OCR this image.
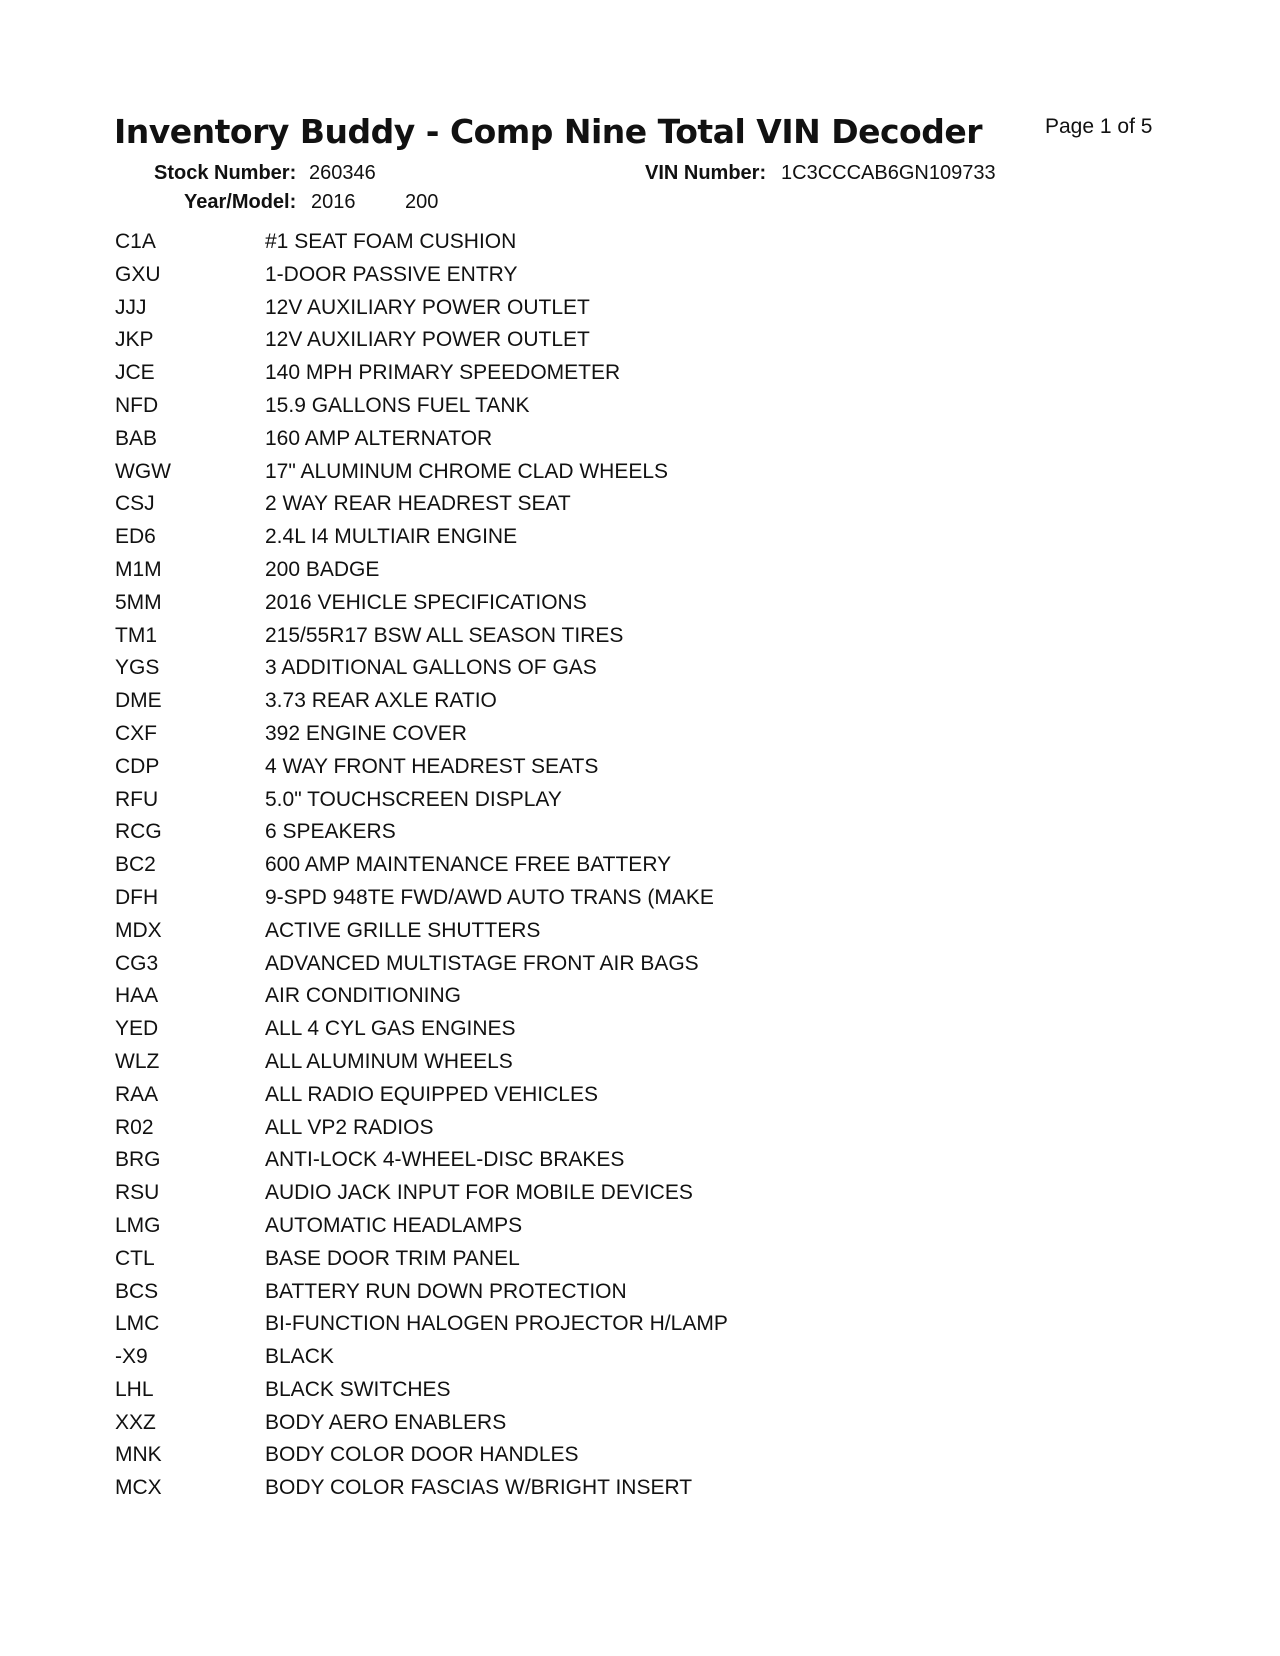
Inventory Buddy - Comp Nine Total VIN Decoder	Page 1 of 5
Stock Number: 260346	VIN Number: 1C3CCCAB6GN109733
Year/Model: 2016 200
C1A	#1 SEAT FOAM CUSHION
GXU	1-DOOR PASSIVE ENTRY
JJJ	12V AUXILIARY POWER OUTLET
JKP	12V AUXILIARY POWER OUTLET
JCE	140 MPH PRIMARY SPEEDOMETER
NFD	15.9 GALLONS FUEL TANK
BAB	160 AMP ALTERNATOR
WGW	17" ALUMINUM CHROME CLAD WHEELS
CSJ	2 WAY REAR HEADREST SEAT
ED6	2.4L I4 MULTIAIR ENGINE
M1M	200 BADGE
5MM	2016 VEHICLE SPECIFICATIONS
TM1	215/55R17 BSW ALL SEASON TIRES
YGS	3 ADDITIONAL GALLONS OF GAS
DME	3.73 REAR AXLE RATIO
CXF	392 ENGINE COVER
CDP	4 WAY FRONT HEADREST SEATS
RFU	5.0" TOUCHSCREEN DISPLAY
RCG	6 SPEAKERS
BC2	600 AMP MAINTENANCE FREE BATTERY
DFH	9-SPD 948TE FWD/AWD AUTO TRANS (MAKE
MDX	ACTIVE GRILLE SHUTTERS
CG3	ADVANCED MULTISTAGE FRONT AIR BAGS
HAA	AIR CONDITIONING
YED	ALL 4 CYL GAS ENGINES
WLZ	ALL ALUMINUM WHEELS
RAA	ALL RADIO EQUIPPED VEHICLES
R02	ALL VP2 RADIOS
BRG	ANTI-LOCK 4-WHEEL-DISC BRAKES
RSU	AUDIO JACK INPUT FOR MOBILE DEVICES
LMG	AUTOMATIC HEADLAMPS
CTL	BASE DOOR TRIM PANEL
BCS	BATTERY RUN DOWN PROTECTION
LMC	BI-FUNCTION HALOGEN PROJECTOR H/LAMP
-X9	BLACK
LHL	BLACK SWITCHES
XXZ	BODY AERO ENABLERS
MNK	BODY COLOR DOOR HANDLES
MCX	BODY COLOR FASCIAS W/BRIGHT INSERT
